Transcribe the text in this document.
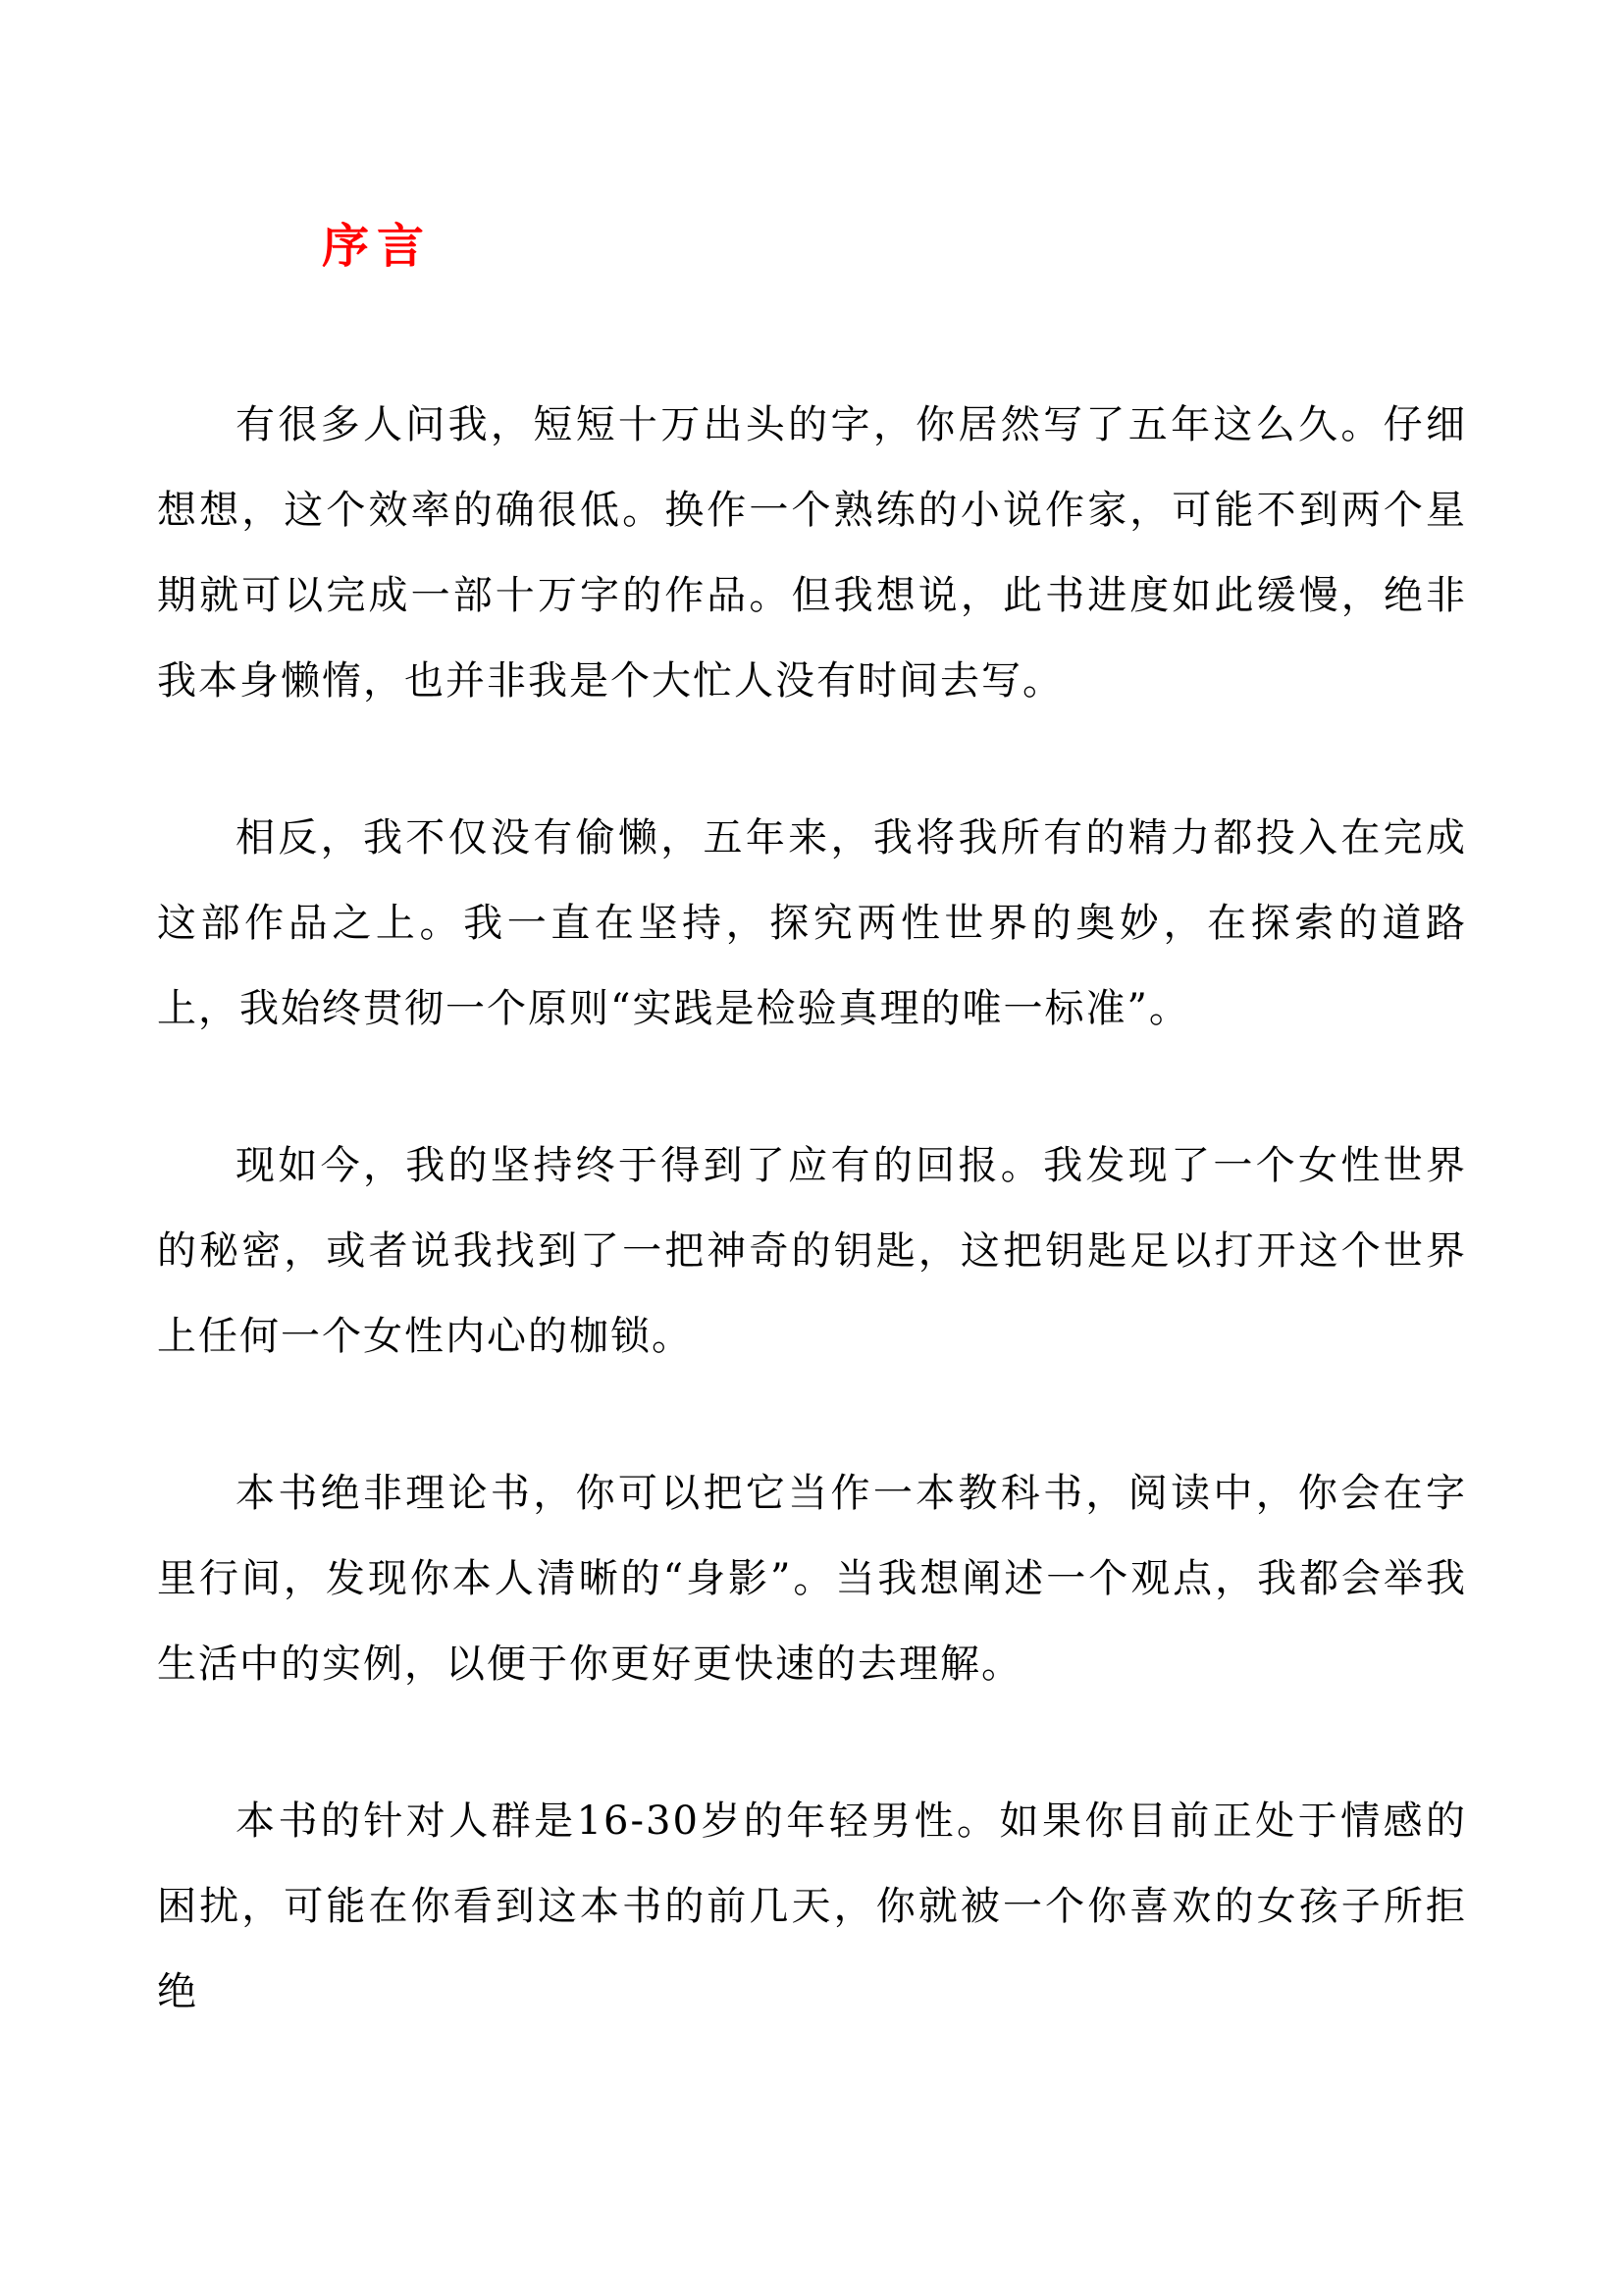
序言

有很多人问我，短短十万出头的字，你居然写了五年这么久。仔细想想，这个效率的确很低。换作一个熟练的小说作家，可能不到两个星期就可以完成一部十万字的作品。但我想说，此书进度如此缓慢，绝非我本身懒惰，也并非我是个大忙人没有时间去写。

相反，我不仅没有偷懒，五年来，我将我所有的精力都投入在完成这部作品之上。我一直在坚持，探究两性世界的奥妙，在探索的道路上，我始终贯彻一个原则“实践是检验真理的唯一标准”。

现如今，我的坚持终于得到了应有的回报。我发现了一个女性世界的秘密，或者说我找到了一把神奇的钥匙，这把钥匙足以打开这个世界上任何一个女性内心的枷锁。

本书绝非理论书，你可以把它当作一本教科书，阅读中，你会在字里行间，发现你本人清晰的“身影”。当我想阐述一个观点，我都会举我生活中的实例，以便于你更好更快速的去理解。

本书的针对人群是16-30岁的年轻男性。如果你目前正处于情感的困扰，可能在你看到这本书的前几天，你就被一个你喜欢的女孩子所拒绝
